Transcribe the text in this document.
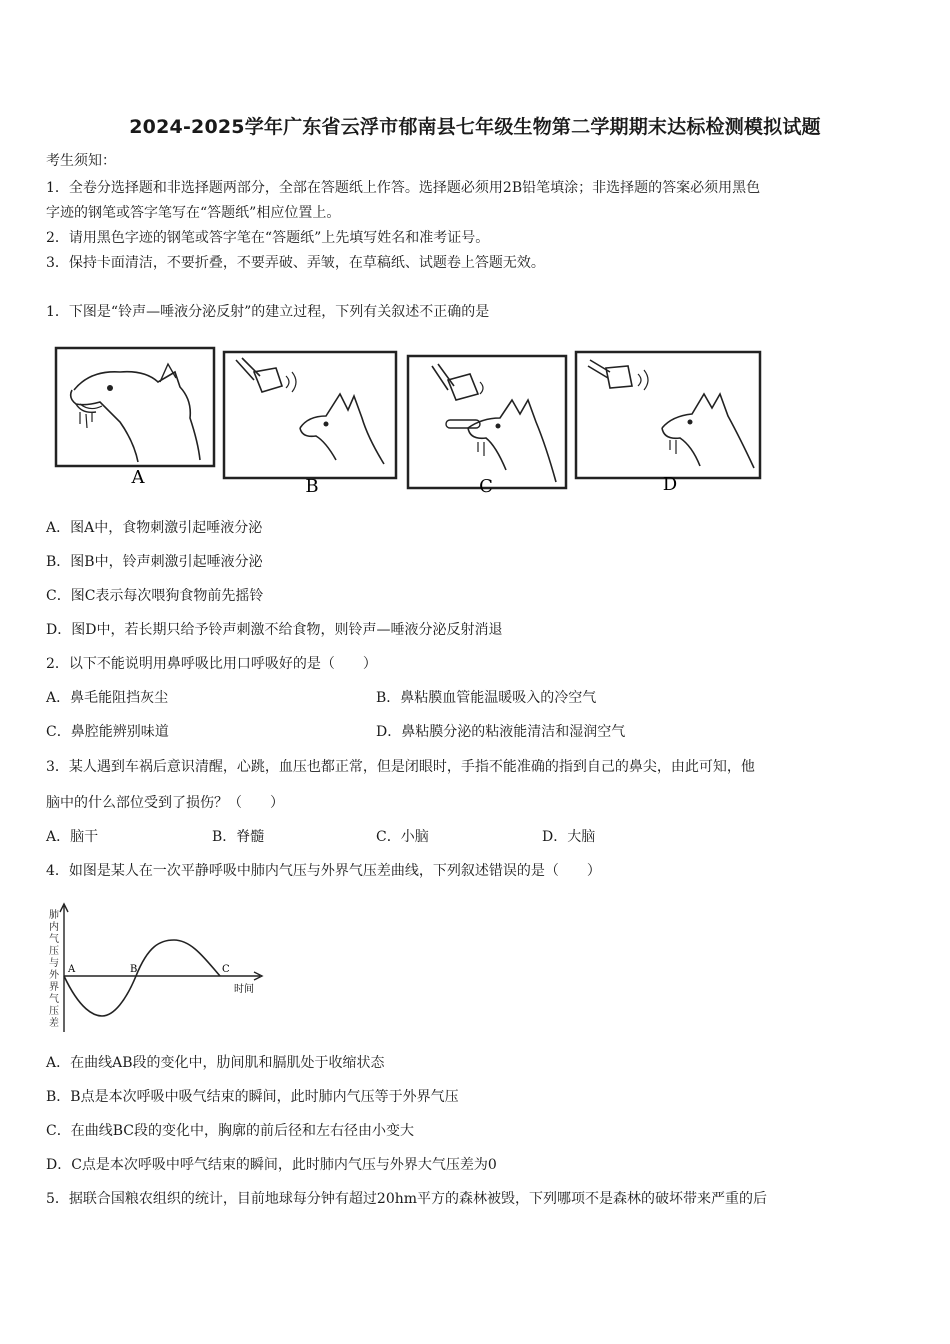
2024-2025学年广东省云浮市郁南县七年级生物第二学期期末达标检测模拟试题
考生须知：
1．全卷分选择题和非选择题两部分，全部在答题纸上作答。选择题必须用2B铅笔填涂；非选择题的答案必须用黑色
字迹的钢笔或答字笔写在“答题纸”相应位置上。
2．请用黑色字迹的钢笔或答字笔在“答题纸”上先填写姓名和准考证号。
3．保持卡面清洁，不要折叠，不要弄破、弄皱，在草稿纸、试题卷上答题无效。
1．下图是“铃声—唾液分泌反射”的建立过程，下列有关叙述不正确的是
A	B	C	D
A．图A中，食物刺激引起唾液分泌
B．图B中，铃声刺激引起唾液分泌
C．图C表示每次喂狗食物前先摇铃
D．图D中，若长期只给予铃声刺激不给食物，则铃声—唾液分泌反射消退
2．以下不能说明用鼻呼吸比用口呼吸好的是（　　）
A．鼻毛能阻挡灰尘	B．鼻粘膜血管能温暖吸入的冷空气
C．鼻腔能辨别味道	D．鼻粘膜分泌的粘液能清洁和湿润空气
3．某人遇到车祸后意识清醒，心跳，血压也都正常，但是闭眼时，手指不能准确的指到自己的鼻尖，由此可知，他
脑中的什么部位受到了损伤？（　　）
A．脑干	B．脊髓	C．小脑	D．大脑
4．如图是某人在一次平静呼吸中肺内气压与外界气压差曲线，下列叙述错误的是（　　）
肺
内
气
压
与
外
界
气
压
差
A	B	C
时间
A．在曲线AB段的变化中，肋间肌和膈肌处于收缩状态
B．B点是本次呼吸中吸气结束的瞬间，此时肺内气压等于外界气压
C．在曲线BC段的变化中，胸廓的前后径和左右径由小变大
D．C点是本次呼吸中呼气结束的瞬间，此时肺内气压与外界大气压差为0
5．据联合国粮农组织的统计，目前地球每分钟有超过20hm平方的森林被毁，下列哪项不是森林的破坏带来严重的后
